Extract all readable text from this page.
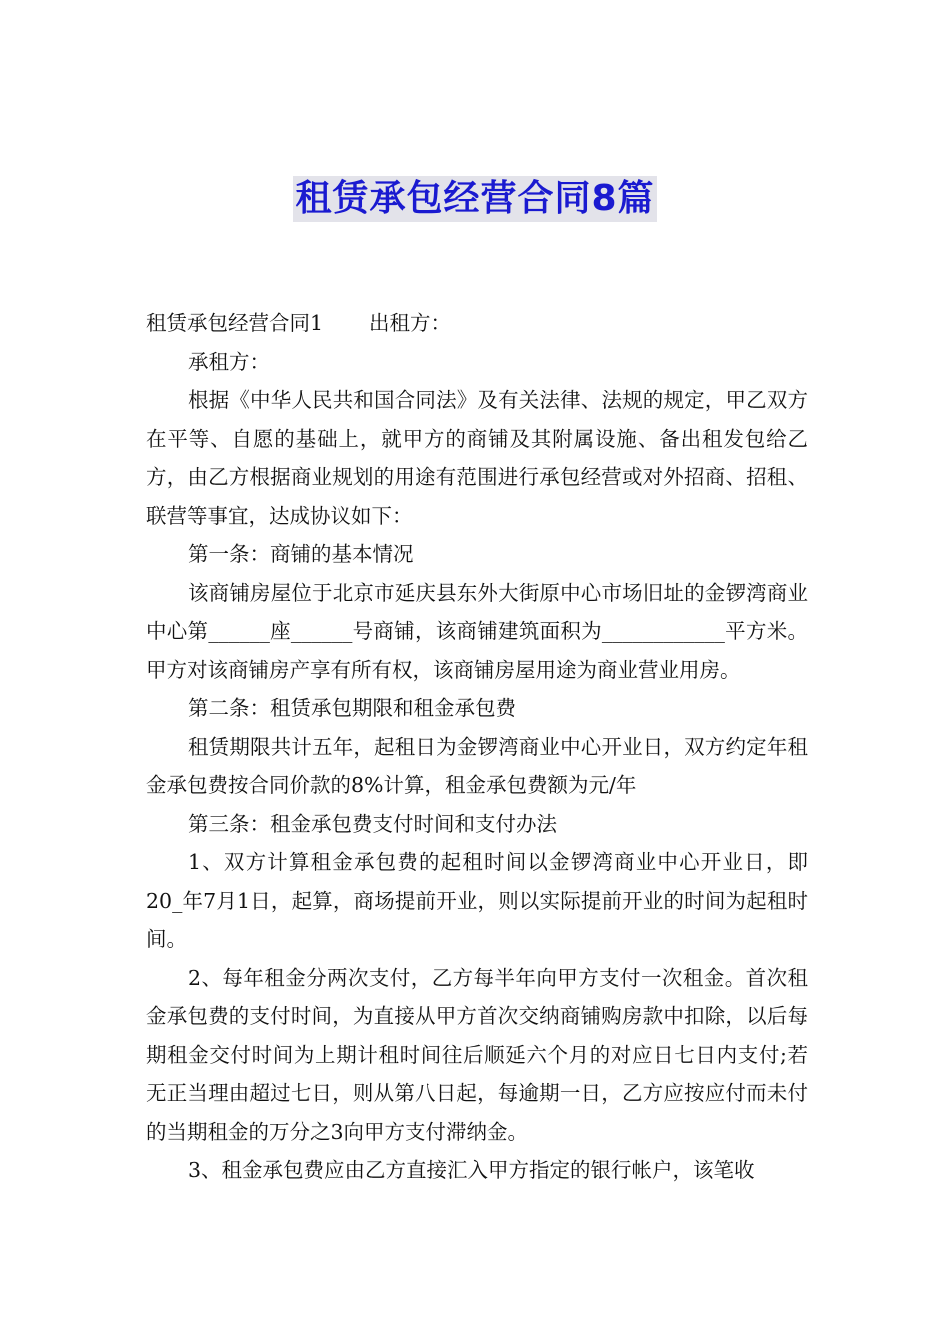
租赁承包经营合同8篇

租赁承包经营合同1 出租方：

承租方：

根据《中华人民共和国合同法》及有关法律、法规的规定，甲乙双方在平等、自愿的基础上，就甲方的商铺及其附属设施、备出租发包给乙方，由乙方根据商业规划的用途有范围进行承包经营或对外招商、招租、联营等事宜，达成协议如下：

第一条：商铺的基本情况

该商铺房屋位于北京市延庆县东外大街原中心市场旧址的金锣湾商业中心第______座______号商铺，该商铺建筑面积为____________平方米。甲方对该商铺房产享有所有权，该商铺房屋用途为商业营业用房。

第二条：租赁承包期限和租金承包费

租赁期限共计五年，起租日为金锣湾商业中心开业日，双方约定年租金承包费按合同价款的8%计算，租金承包费额为元/年

第三条：租金承包费支付时间和支付办法

1、双方计算租金承包费的起租时间以金锣湾商业中心开业日，即20_年7月1日，起算，商场提前开业，则以实际提前开业的时间为起租时间。

2、每年租金分两次支付，乙方每半年向甲方支付一次租金。首次租金承包费的支付时间，为直接从甲方首次交纳商铺购房款中扣除，以后每期租金交付时间为上期计租时间往后顺延六个月的对应日七日内支付;若无正当理由超过七日，则从第八日起，每逾期一日，乙方应按应付而未付的当期租金的万分之3向甲方支付滞纳金。

3、租金承包费应由乙方直接汇入甲方指定的银行帐户，该笔收
